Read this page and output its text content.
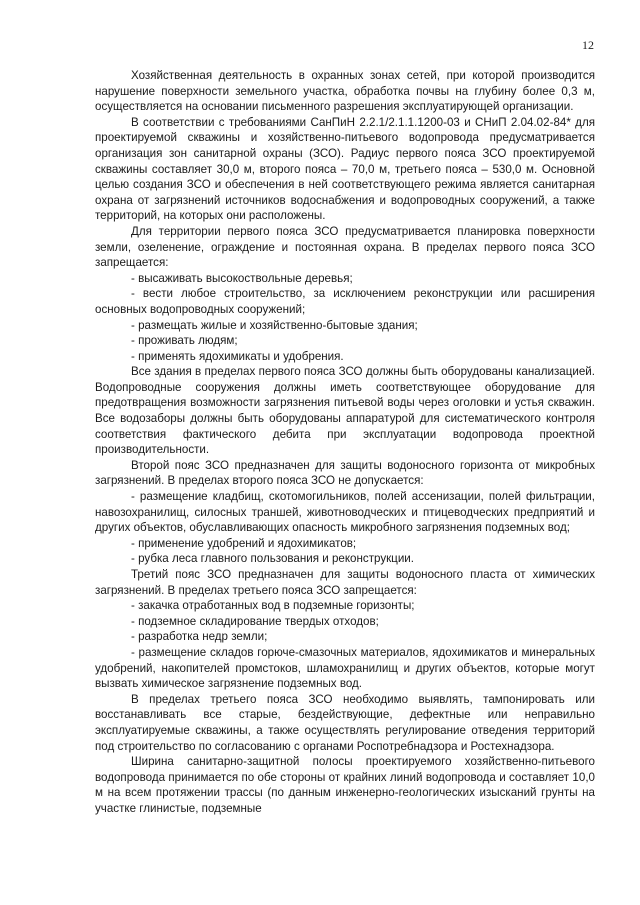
12

Хозяйственная деятельность в охранных зонах сетей, при которой производится нарушение поверхности земельного участка, обработка почвы на глубину более 0,3 м, осуществляется на основании письменного разрешения эксплуатирующей организации.

В соответствии с требованиями СанПиН 2.2.1/2.1.1.1200-03 и СНиП 2.04.02-84* для проектируемой скважины и хозяйственно-питьевого водопровода предусматривается организация зон санитарной охраны (ЗСО). Радиус первого пояса ЗСО проектируемой скважины составляет 30,0 м, второго пояса – 70,0 м, третьего пояса – 530,0 м. Основной целью создания ЗСО и обеспечения в ней соответствующего режима является санитарная охрана от загрязнений источников водоснабжения и водопроводных сооружений, а также территорий, на которых они расположены.

Для территории первого пояса ЗСО предусматривается планировка поверхности земли, озеленение, ограждение и постоянная охрана. В пределах первого пояса ЗСО запрещается:

- высаживать высокоствольные деревья;

- вести любое строительство, за исключением реконструкции или расширения основных водопроводных сооружений;

- размещать жилые и хозяйственно-бытовые здания;

- проживать людям;

- применять ядохимикаты и удобрения.

Все здания в пределах первого пояса ЗСО должны быть оборудованы канализацией. Водопроводные сооружения должны иметь соответствующее оборудование для предотвращения возможности загрязнения питьевой воды через оголовки и устья скважин. Все водозаборы должны быть оборудованы аппаратурой для систематического контроля соответствия фактического дебита при эксплуатации водопровода проектной производительности.

Второй пояс ЗСО предназначен для защиты водоносного горизонта от микробных загрязнений. В пределах второго пояса ЗСО не допускается:

- размещение кладбищ, скотомогильников, полей ассенизации, полей фильтрации, навозохранилищ, силосных траншей, животноводческих и птицеводческих предприятий и других объектов, обуславливающих опасность микробного загрязнения подземных вод;

- применение удобрений и ядохимикатов;

- рубка леса главного пользования и реконструкции.

Третий пояс ЗСО предназначен для защиты водоносного пласта от химических загрязнений. В пределах третьего пояса ЗСО запрещается:

- закачка отработанных вод в подземные горизонты;

- подземное складирование твердых отходов;

- разработка недр земли;

- размещение складов горюче-смазочных материалов, ядохимикатов и минеральных удобрений, накопителей промстоков, шламохранилищ и других объектов, которые могут вызвать химическое загрязнение подземных вод.

В пределах третьего пояса ЗСО необходимо выявлять, тампонировать или восстанавливать все старые, бездействующие, дефектные или неправильно эксплуатируемые скважины, а также осуществлять регулирование отведения территорий под строительство по согласованию с органами Роспотребнадзора и Ростехнадзора.

Ширина санитарно-защитной полосы проектируемого хозяйственно-питьевого водопровода принимается по обе стороны от крайних линий водопровода и составляет 10,0 м на всем протяжении трассы (по данным инженерно-геологических изысканий грунты на участке глинистые, подземные
